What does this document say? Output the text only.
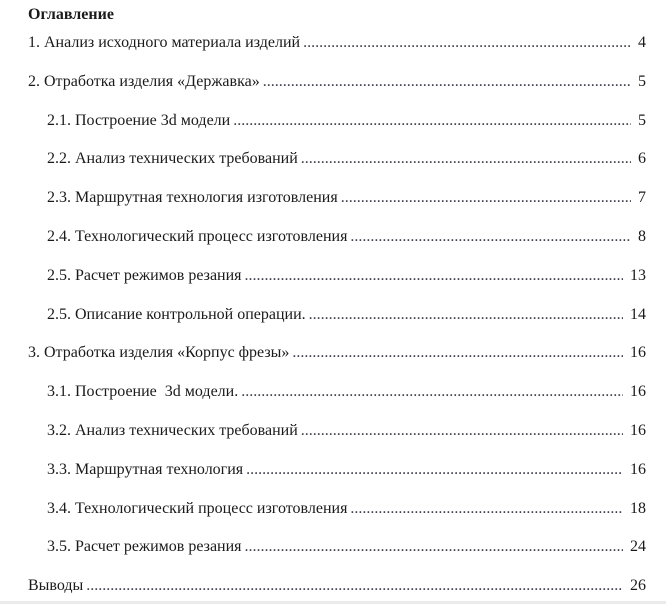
Оглавление
1. Анализ исходного материала изделий .....	4
2. Отработка изделия «Державка» .....	5
2.1. Построение 3d модели .....	5
2.2. Анализ технических требований .....	6
2.3. Маршрутная технология изготовления .....	7
2.4. Технологический процесс изготовления .....	8
2.5. Расчет режимов резания .....	13
2.5. Описание контрольной операции. .....	14
3. Отработка изделия «Корпус фрезы» .....	16
3.1. Построение  3d модели. .....	16
3.2. Анализ технических требований .....	16
3.3. Маршрутная технология .....	16
3.4. Технологический процесс изготовления .....	18
3.5. Расчет режимов резания .....	24
Выводы .....	26
